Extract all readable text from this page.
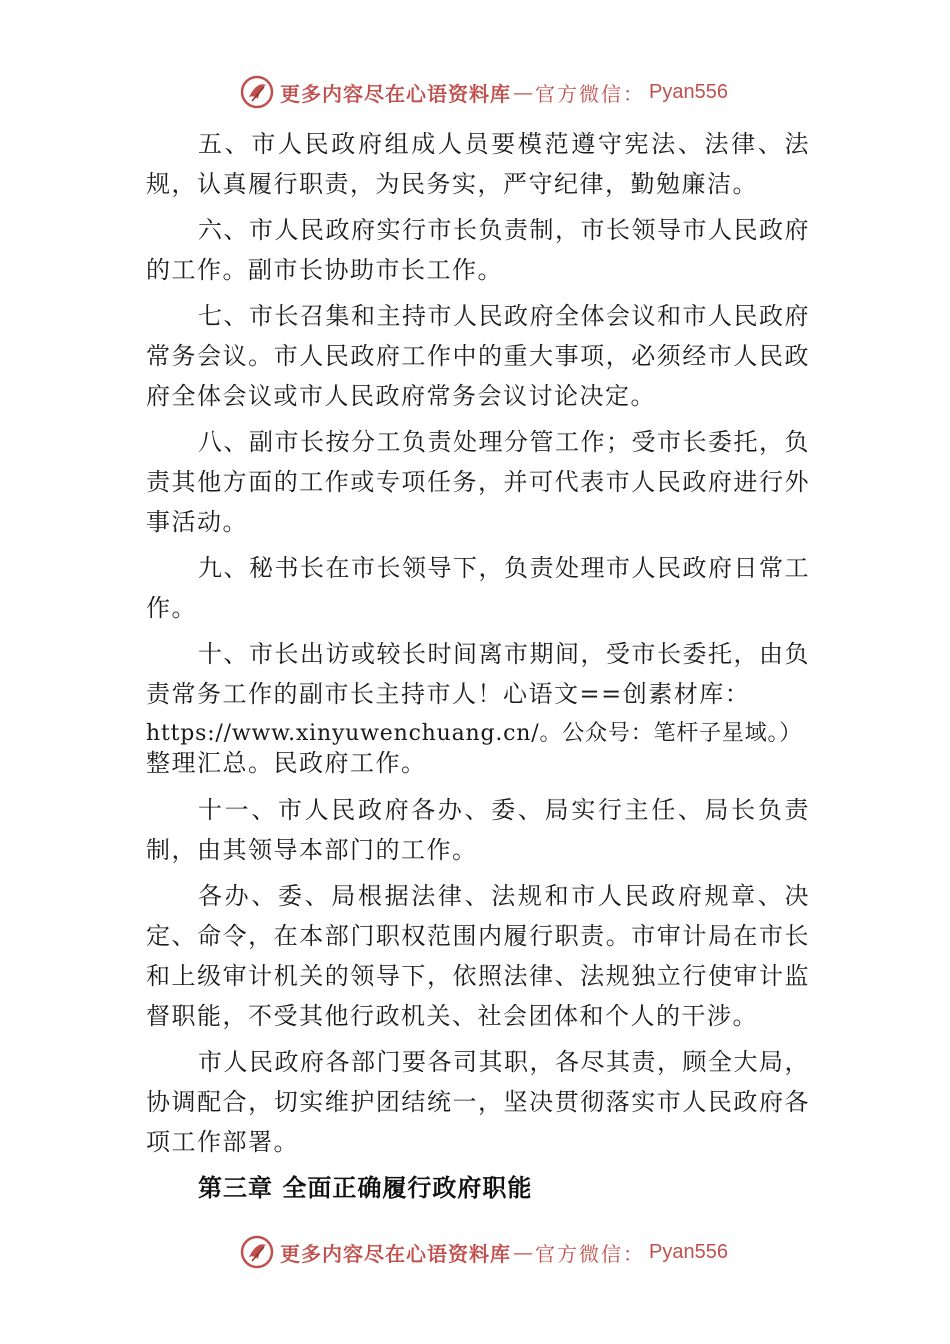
更多内容尽在心语资料库 — 官方微信： Pyan556

五、市人民政府组成人员要模范遵守宪法、法律、法规，认真履行职责，为民务实，严守纪律，勤勉廉洁。

六、市人民政府实行市长负责制，市长领导市人民政府的工作。副市长协助市长工作。

七、市长召集和主持市人民政府全体会议和市人民政府常务会议。市人民政府工作中的重大事项，必须经市人民政府全体会议或市人民政府常务会议讨论决定。

八、副市长按分工负责处理分管工作；受市长委托，负责其他方面的工作或专项任务，并可代表市人民政府进行外事活动。

九、秘书长在市长领导下，负责处理市人民政府日常工作。

十、市长出访或较长时间离市期间，受市长委托，由负责常务工作的副市长主持市人！心语文==创素材库：

https://www.xinyuwenchuang.cn/。公众号：笔杆子星域。）

整理汇总。民政府工作。

十一、市人民政府各办、委、局实行主任、局长负责制，由其领导本部门的工作。

各办、委、局根据法律、法规和市人民政府规章、决定、命令，在本部门职权范围内履行职责。市审计局在市长和上级审计机关的领导下，依照法律、法规独立行使审计监督职能，不受其他行政机关、社会团体和个人的干涉。

市人民政府各部门要各司其职，各尽其责，顾全大局，协调配合，切实维护团结统一，坚决贯彻落实市人民政府各项工作部署。

第三章 全面正确履行政府职能
更多内容尽在心语资料库 — 官方微信： Pyan556
